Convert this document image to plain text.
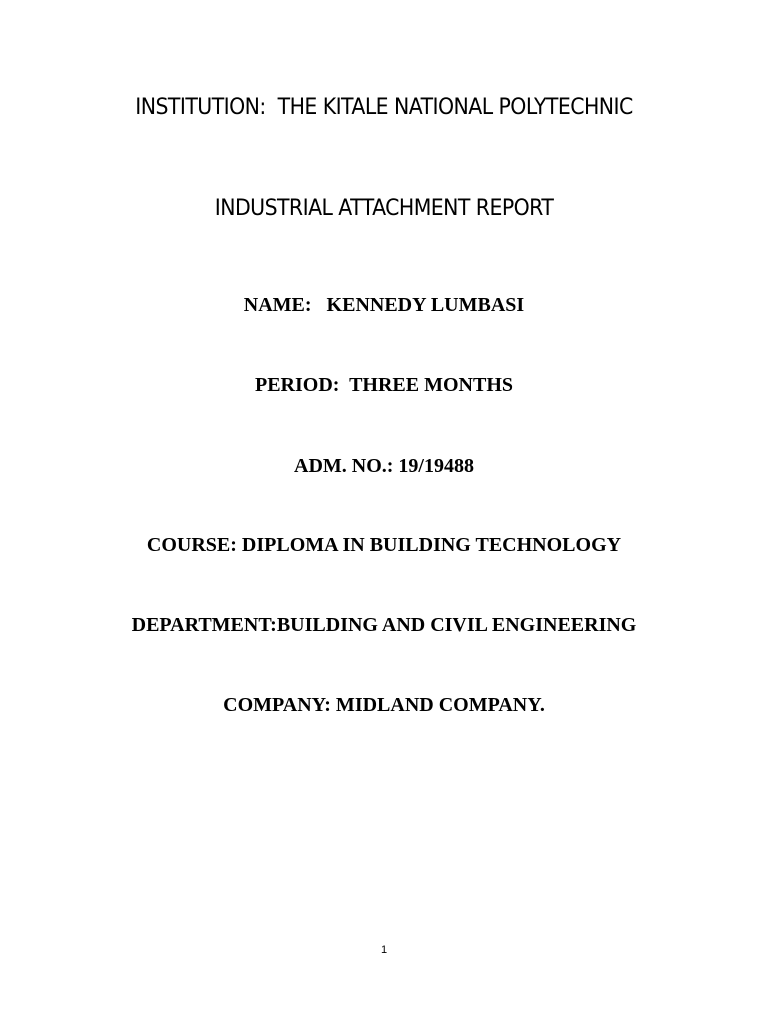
INSTITUTION:  THE KITALE NATIONAL POLYTECHNIC
INDUSTRIAL ATTACHMENT REPORT
NAME:   KENNEDY LUMBASI
PERIOD:  THREE MONTHS
ADM. NO.: 19/19488
COURSE: DIPLOMA IN BUILDING TECHNOLOGY
DEPARTMENT:BUILDING AND CIVIL ENGINEERING
COMPANY: MIDLAND COMPANY.
1
